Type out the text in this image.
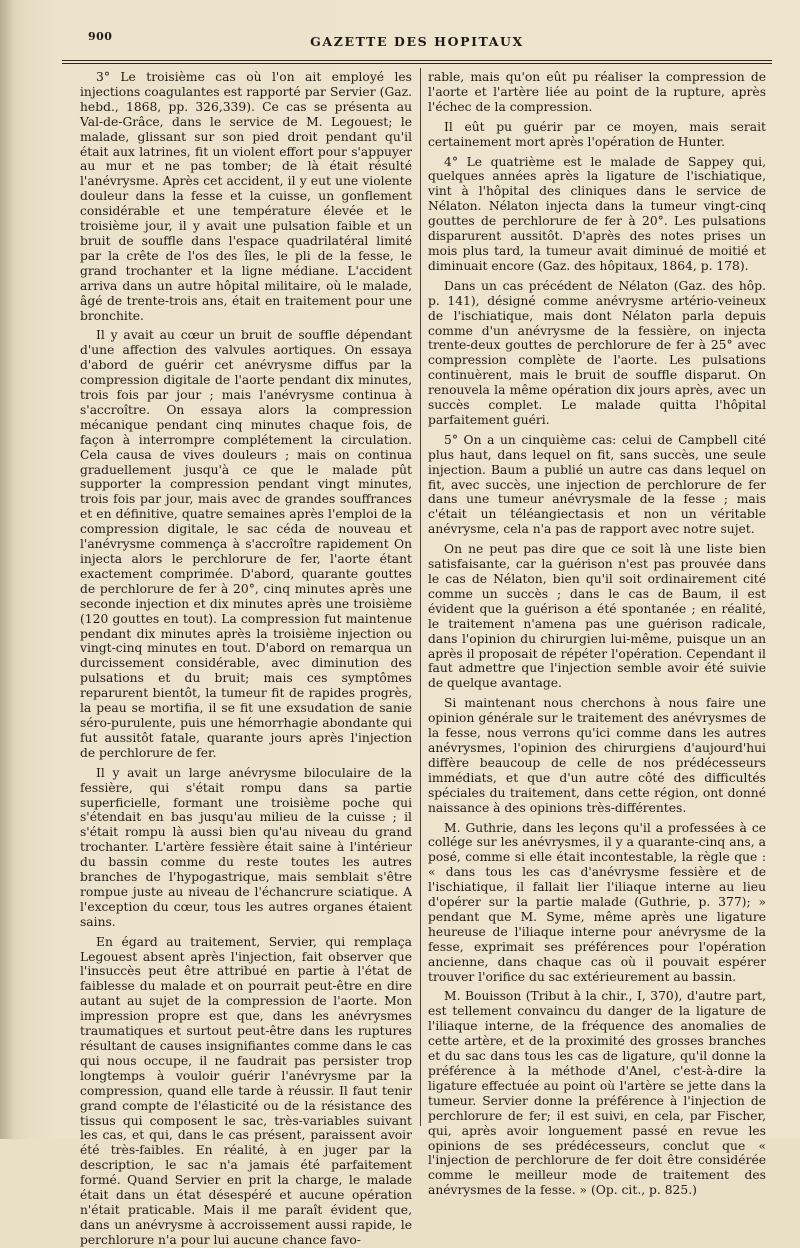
900	GAZETTE DES HOPITAUX

3° Le troisième cas où l'on ait employé les injections coagulantes est rapporté par Servier (Gaz. hebd., 1868, pp. 326,339). Ce cas se présenta au Val-de-Grâce, dans le service de M. Legouest; le malade, glissant sur son pied droit pendant qu'il était aux latrines, fit un violent effort pour s'appuyer au mur et ne pas tomber; de là était résulté l'anévrysme. Après cet accident, il y eut une violente douleur dans la fesse et la cuisse, un gonflement considérable et une température élevée et le troisième jour, il y avait une pulsation faible et un bruit de souffle dans l'espace quadrilatéral limité par la crête de l'os des îles, le pli de la fesse, le grand trochanter et la ligne médiane. L'accident arriva dans un autre hôpital militaire, où le malade, âgé de trente-trois ans, était en traitement pour une bronchite.

Il y avait au cœur un bruit de souffle dépendant d'une affection des valvules aortiques. On essaya d'abord de guérir cet anévrysme diffus par la compression digitale de l'aorte pendant dix minutes, trois fois par jour ; mais l'anévrysme continua à s'accroître. On essaya alors la compression mécanique pendant cinq minutes chaque fois, de façon à interrompre complétement la circulation. Cela causa de vives douleurs ; mais on continua graduellement jusqu'à ce que le malade pût supporter la compression pendant vingt minutes, trois fois par jour, mais avec de grandes souffrances et en définitive, quatre semaines après l'emploi de la compression digitale, le sac céda de nouveau et l'anévrysme commença à s'accroître rapidement On injecta alors le perchlorure de fer, l'aorte étant exactement comprimée. D'abord, quarante gouttes de perchlorure de fer à 20°, cinq minutes après une seconde injection et dix minutes après une troisième (120 gouttes en tout). La compression fut maintenue pendant dix minutes après la troisième injection ou vingt-cinq minutes en tout. D'abord on remarqua un durcissement considérable, avec diminution des pulsations et du bruit; mais ces symptômes reparurent bientôt, la tumeur fit de rapides progrès, la peau se mortifia, il se fit une exsudation de sanie séro-purulente, puis une hémorrhagie abondante qui fut aussitôt fatale, quarante jours après l'injection de perchlorure de fer.

Il y avait un large anévrysme biloculaire de la fessière, qui s'était rompu dans sa partie superficielle, formant une troisième poche qui s'étendait en bas jusqu'au milieu de la cuisse ; il s'était rompu là aussi bien qu'au niveau du grand trochanter. L'artère fessière était saine à l'intérieur du bassin comme du reste toutes les autres branches de l'hypogastrique, mais semblait s'être rompue juste au niveau de l'échancrure sciatique. A l'exception du cœur, tous les autres organes étaient sains.

En égard au traitement, Servier, qui remplaça Legouest absent après l'injection, fait observer que l'insuccès peut être attribué en partie à l'état de faiblesse du malade et on pourrait peut-être en dire autant au sujet de la compression de l'aorte. Mon impression propre est que, dans les anévrysmes traumatiques et surtout peut-être dans les ruptures résultant de causes insignifiantes comme dans le cas qui nous occupe, il ne faudrait pas persister trop longtemps à vouloir guérir l'anévrysme par la compression, quand elle tarde à réussir. Il faut tenir grand compte de l'élasticité ou de la résistance des tissus qui composent le sac, très-variables suivant les cas, et qui, dans le cas présent, paraissent avoir été très-faibles. En réalité, à en juger par la description, le sac n'a jamais été parfaitement formé. Quand Servier en prit la charge, le malade était dans un état désespéré et aucune opération n'était praticable. Mais il me paraît évident que, dans un anévrysme à accroissement aussi rapide, le perchlorure n'a pour lui aucune chance favo-

rable, mais qu'on eût pu réaliser la compression de l'aorte et l'artère liée au point de la rupture, après l'échec de la compression.

Il eût pu guérir par ce moyen, mais serait certainement mort après l'opération de Hunter.

4° Le quatrième est le malade de Sappey qui, quelques années après la ligature de l'ischiatique, vint à l'hôpital des cliniques dans le service de Nélaton. Nélaton injecta dans la tumeur vingt-cinq gouttes de perchlorure de fer à 20°. Les pulsations disparurent aussitôt. D'après des notes prises un mois plus tard, la tumeur avait diminué de moitié et diminuait encore (Gaz. des hôpitaux, 1864, p. 178).

Dans un cas précédent de Nélaton (Gaz. des hôp. p. 141), désigné comme anévrysme artério-veineux de l'ischiatique, mais dont Nélaton parla depuis comme d'un anévrysme de la fessière, on injecta trente-deux gouttes de perchlorure de fer à 25° avec compression complète de l'aorte. Les pulsations continuèrent, mais le bruit de souffle disparut. On renouvela la même opération dix jours après, avec un succès complet. Le malade quitta l'hôpital parfaitement guéri.

5° On a un cinquième cas: celui de Campbell cité plus haut, dans lequel on fit, sans succès, une seule injection. Baum a publié un autre cas dans lequel on fit, avec succès, une injection de perchlorure de fer dans une tumeur anévrysmale de la fesse ; mais c'était un téléangiectasis et non un véritable anévrysme, cela n'a pas de rapport avec notre sujet.

On ne peut pas dire que ce soit là une liste bien satisfaisante, car la guérison n'est pas prouvée dans le cas de Nélaton, bien qu'il soit ordinairement cité comme un succès ; dans le cas de Baum, il est évident que la guérison a été spontanée ; en réalité, le traitement n'amena pas une guérison radicale, dans l'opinion du chirurgien lui-même, puisque un an après il proposait de répéter l'opération. Cependant il faut admettre que l'injection semble avoir été suivie de quelque avantage.

Si maintenant nous cherchons à nous faire une opinion générale sur le traitement des anévrysmes de la fesse, nous verrons qu'ici comme dans les autres anévrysmes, l'opinion des chirurgiens d'aujourd'hui diffère beaucoup de celle de nos prédécesseurs immédiats, et que d'un autre côté des difficultés spéciales du traitement, dans cette région, ont donné naissance à des opinions très-différentes.

M. Guthrie, dans les leçons qu'il a professées à ce collége sur les anévrysmes, il y a quarante-cinq ans, a posé, comme si elle était incontestable, la règle que : « dans tous les cas d'anévrysme fessière et de l'ischiatique, il fallait lier l'iliaque interne au lieu d'opérer sur la partie malade (Guthrie, p. 377); » pendant que M. Syme, même après une ligature heureuse de l'iliaque interne pour anévrysme de la fesse, exprimait ses préférences pour l'opération ancienne, dans chaque cas où il pouvait espérer trouver l'orifice du sac extérieurement au bassin.

M. Bouisson (Tribut à la chir., I, 370), d'autre part, est tellement convaincu du danger de la ligature de l'iliaque interne, de la fréquence des anomalies de cette artère, et de la proximité des grosses branches et du sac dans tous les cas de ligature, qu'il donne la préférence à la méthode d'Anel, c'est-à-dire la ligature effectuée au point où l'artère se jette dans la tumeur. Servier donne la préférence à l'injection de perchlorure de fer; il est suivi, en cela, par Fischer, qui, après avoir longuement passé en revue les opinions de ses prédécesseurs, conclut que « l'injection de perchlorure de fer doit être considérée comme le meilleur mode de traitement des anévrysmes de la fesse. » (Op. cit., p. 825.)
